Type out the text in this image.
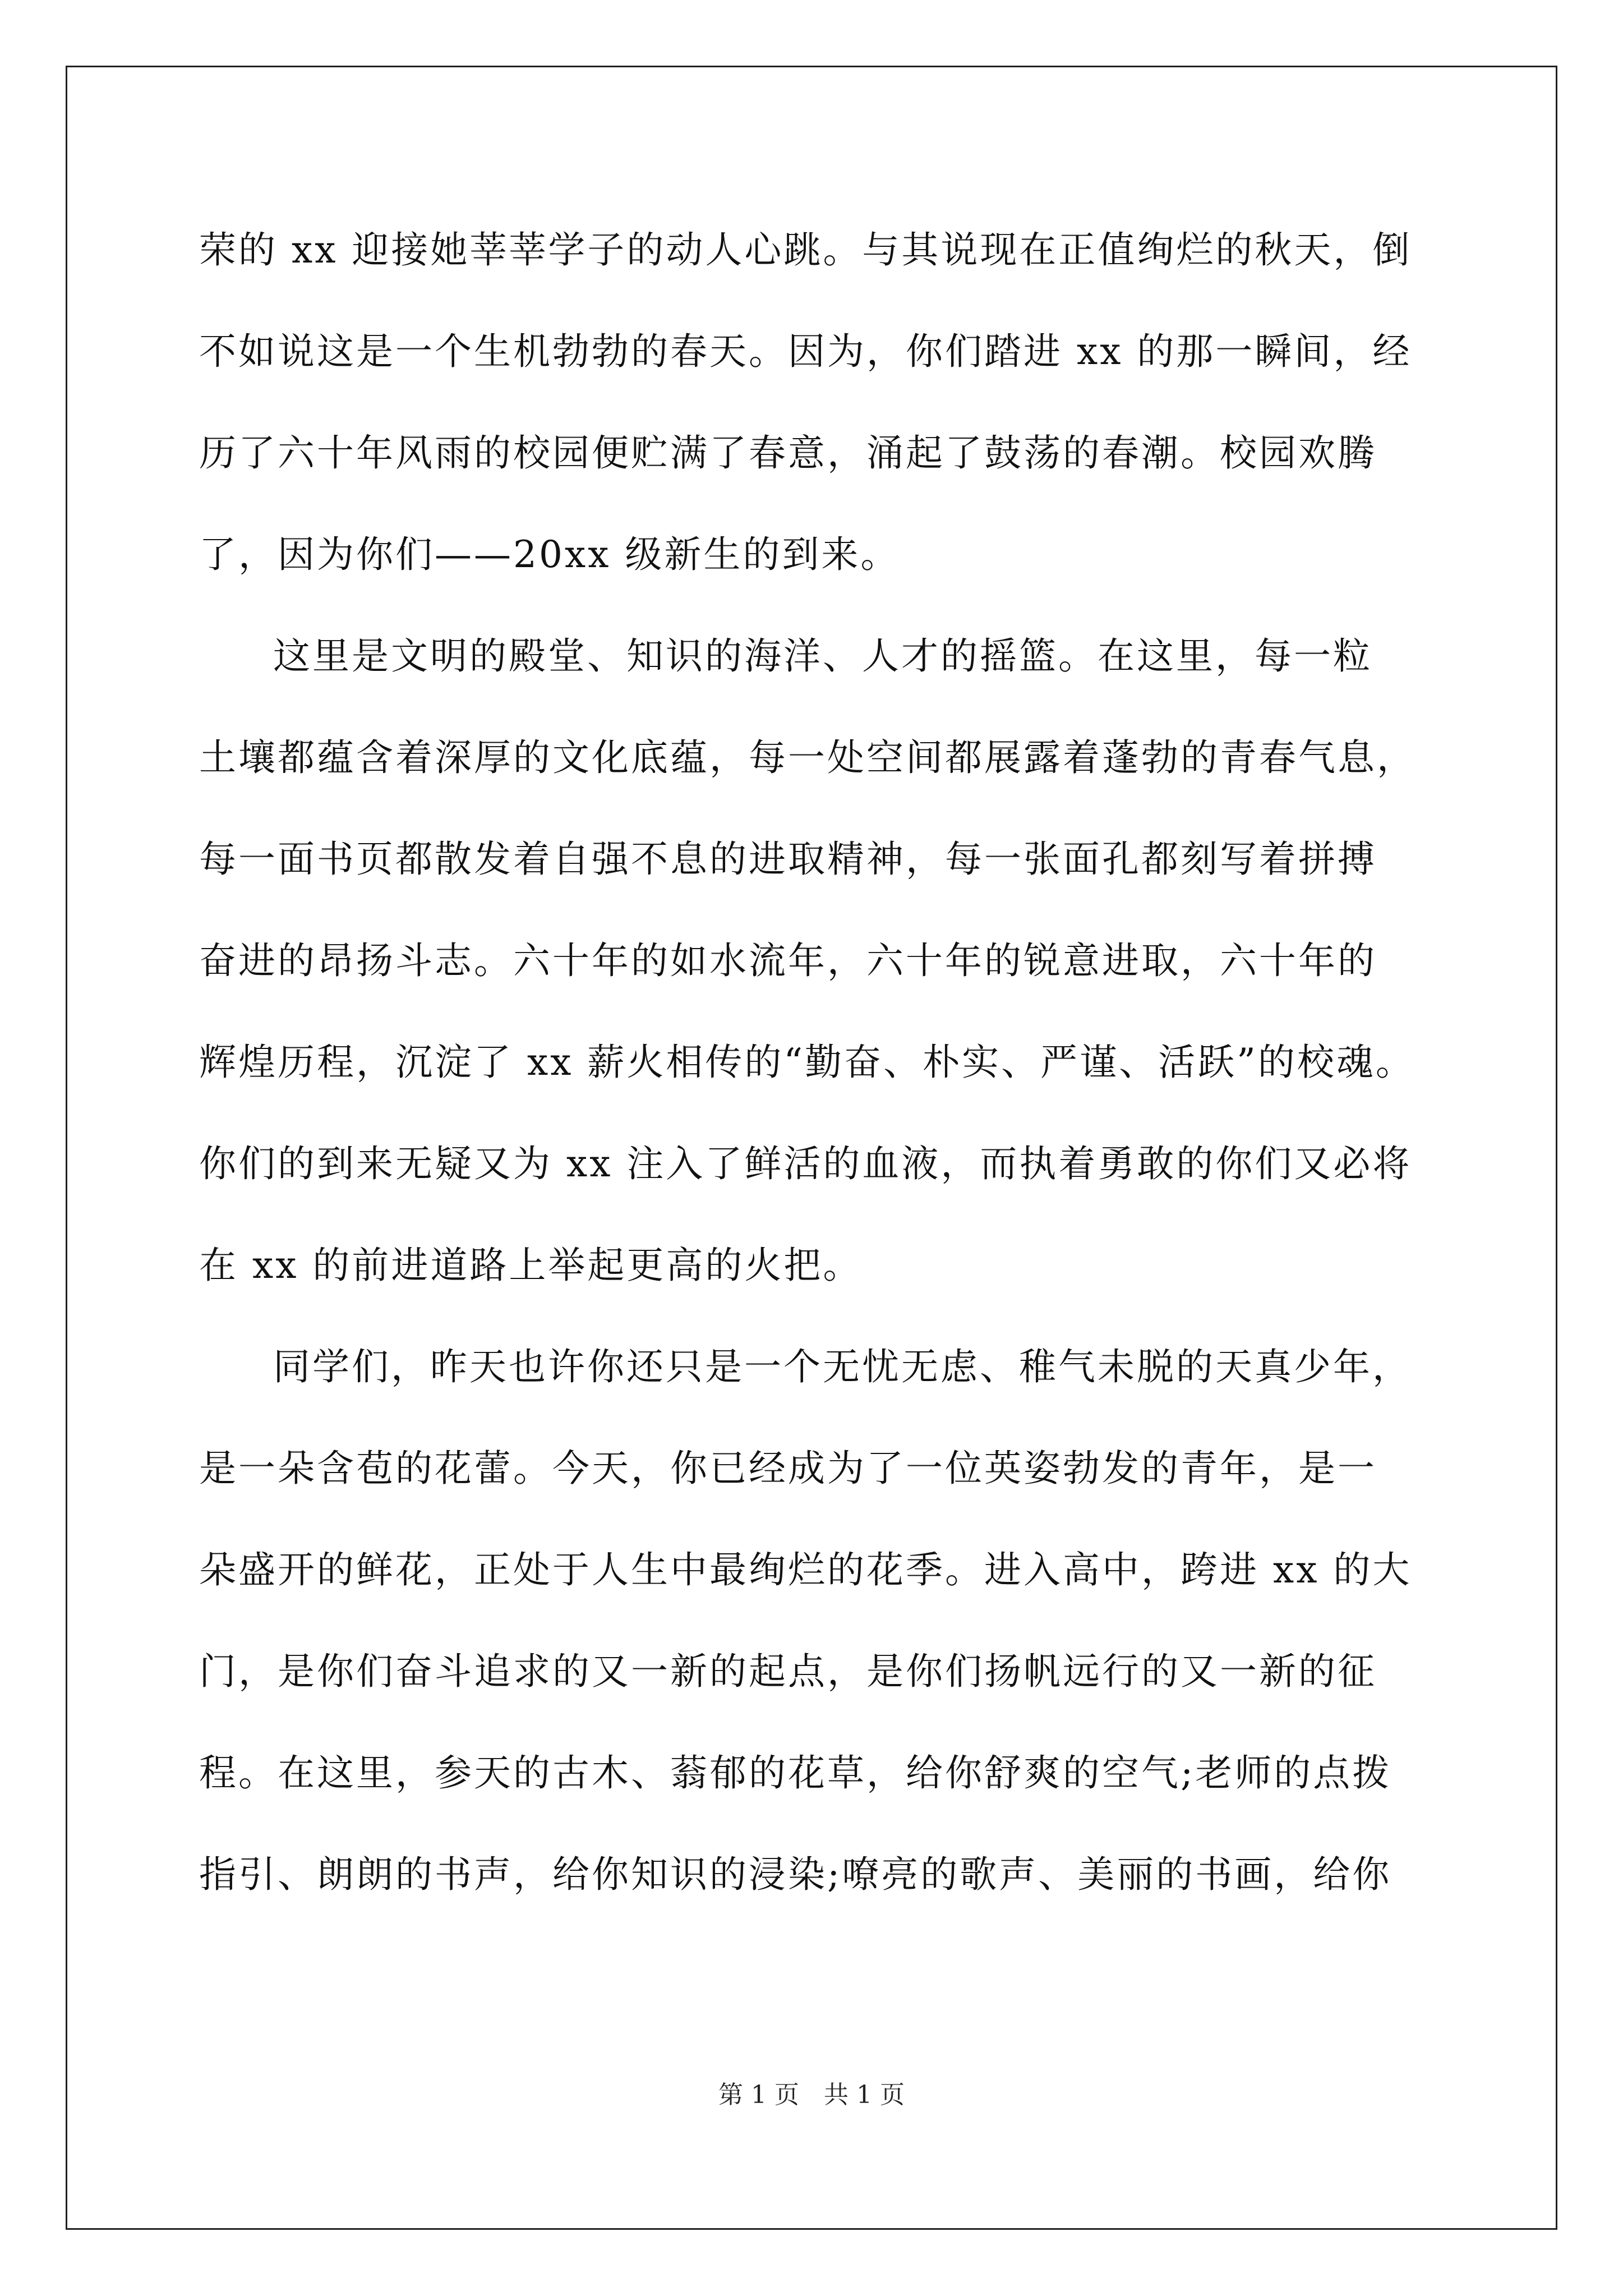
荣的 xx 迎接她莘莘学子的动人心跳。与其说现在正值绚烂的秋天，倒
不如说这是一个生机勃勃的春天。因为，你们踏进 xx 的那一瞬间，经
历了六十年风雨的校园便贮满了春意，涌起了鼓荡的春潮。校园欢腾
了，因为你们——20xx 级新生的到来。
这里是文明的殿堂、知识的海洋、人才的摇篮。在这里，每一粒
土壤都蕴含着深厚的文化底蕴，每一处空间都展露着蓬勃的青春气息，
每一面书页都散发着自强不息的进取精神，每一张面孔都刻写着拼搏
奋进的昂扬斗志。六十年的如水流年，六十年的锐意进取，六十年的
辉煌历程，沉淀了 xx 薪火相传的“勤奋、朴实、严谨、活跃”的校魂。
你们的到来无疑又为 xx 注入了鲜活的血液，而执着勇敢的你们又必将
在 xx 的前进道路上举起更高的火把。
同学们，昨天也许你还只是一个无忧无虑、稚气未脱的天真少年，
是一朵含苞的花蕾。今天，你已经成为了一位英姿勃发的青年，是一
朵盛开的鲜花，正处于人生中最绚烂的花季。进入高中，跨进 xx 的大
门，是你们奋斗追求的又一新的起点，是你们扬帆远行的又一新的征
程。在这里，参天的古木、蓊郁的花草，给你舒爽的空气;老师的点拨
指引、朗朗的书声，给你知识的浸染;嘹亮的歌声、美丽的书画，给你
第 1 页　共 1 页
